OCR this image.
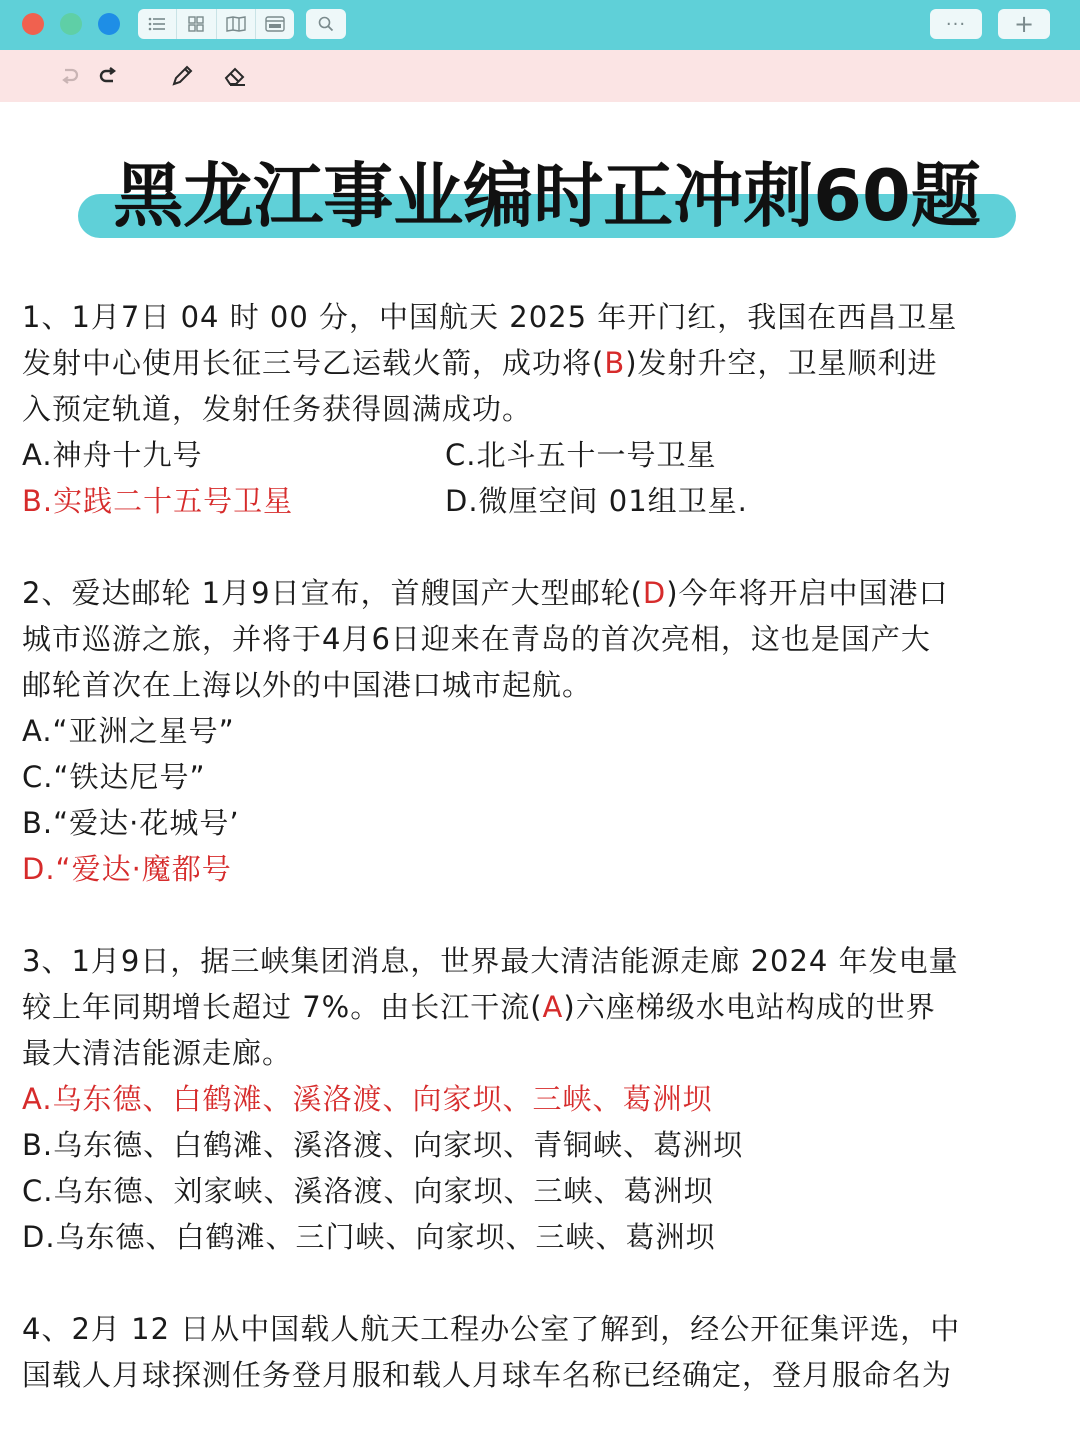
···	+
黑龙江事业编时正冲刺60题

1、1月7日 04 时 00 分，中国航天 2025 年开门红，我国在西昌卫星

发射中心使用长征三号乙运载火箭，成功将(B)发射升空，卫星顺利进

入预定轨道，发射任务获得圆满成功。

A.神舟十九号	C.北斗五十一号卫星
B.实践二十五号卫星	D.微厘空间 01组卫星.

2、爱达邮轮 1月9日宣布，首艘国产大型邮轮(D)今年将开启中国港口

城市巡游之旅，并将于4月6日迎来在青岛的首次亮相，这也是国产大

邮轮首次在上海以外的中国港口城市起航。

A.“亚洲之星号”

C.“铁达尼号”

B.“爱达·花城号’

D.“爱达·魔都号

3、1月9日，据三峡集团消息，世界最大清洁能源走廊 2024 年发电量

较上年同期增长超过 7%。由长江干流(A)六座梯级水电站构成的世界

最大清洁能源走廊。

A.乌东德、白鹤滩、溪洛渡、向家坝、三峡、葛洲坝

B.乌东德、白鹤滩、溪洛渡、向家坝、青铜峡、葛洲坝

C.乌东德、刘家峡、溪洛渡、向家坝、三峡、葛洲坝

D.乌东德、白鹤滩、三门峡、向家坝、三峡、葛洲坝

4、2月 12 日从中国载人航天工程办公室了解到，经公开征集评选，中

国载人月球探测任务登月服和载人月球车名称已经确定，登月服命名为
